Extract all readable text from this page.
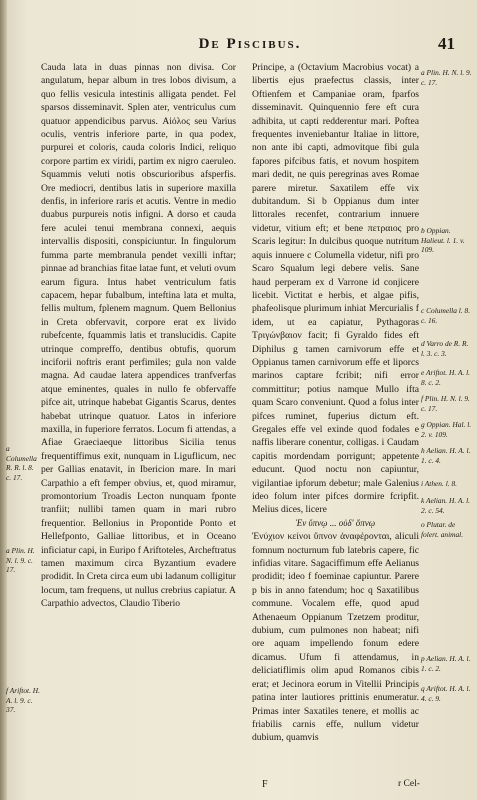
De Piscibus.	41
a Columella R. R. l. 8. c. 17.
a Plin. H. N. l. 9. c. 17.
f Ariftot. H. A. l. 9. c. 37.

Cauda lata in duas pinnas non divisa. Cor angulatum, hepar album in tres lobos divisum, a quo fellis vesicula intestinis alligata pendet. Fel sparsos disseminavit. Splen ater, ventriculus cum quatuor appendicibus parvus. Αἰόλος seu Varius oculis, ventris inferiore parte, in qua podex, purpurei et coloris, cauda coloris Indici, reliquo corpore partim ex viridi, partim ex nigro caeruleo. Squammis veluti notis obscurioribus afsperfis. Ore mediocri, dentibus latis in superiore maxilla denfis, in inferiore raris et acutis. Ventre in medio duabus purpureis notis infigni. A dorso et cauda fere aculei tenui membrana connexi, aequis intervallis dispositi, conspiciuntur. In fingulorum fumma parte membranula pendet vexilli inftar; pinnae ad branchias fitae latae funt, et veluti ovum earum figura. Intus habet ventriculum fatis capacem, hepar fubalbum, inteftina lata et multa, fellis multum, fplenem magnum. Quem Bellonius in Creta obfervavit, corpore erat ex livido rubefcente, fquammis latis et translucidis. Capite utrinque compreffo, dentibus obtufis, quorum inciforii noftris erant perfimiles; gula non valde magna. Ad caudae latera appendices tranfverfas atque eminentes, quales in nullo fe obfervaffe pifce ait, utrinque habebat Gigantis Scarus, dentes habebat utrinque quatuor. Latos in inferiore maxilla, in fuperiore ferratos. Locum fi attendas, a Afiae Graeciaeque littoribus Sicilia tenus frequentiffimus exit, nunquam in Liguflicum, nec per Gallias enatavit, in Ibericion mare. In mari Carpathio a eft femper obvius, et, quod miramur, promontorium Troadis Lecton nunquam fponte tranfiit; nullibi tamen quam in mari rubro frequentior. Bellonius in Propontide Ponto et Hellefponto, Galliae littoribus, et in Oceano inficiatur capi, in Euripo f Ariftoteles, Archeftratus tamen maximum circa Byzantium evadere prodidit. In Creta circa eum ubi ladanum colligitur locum, tam frequens, ut nullus crebrius capiatur. A Carpathio advectos, Claudio Tiberio

Principe, a (Octavium Macrobius vocat) a libertis ejus praefectus classis, inter Oftienfem et Campaniae oram, fparfos disseminavit. Quinquennio fere eft cura adhibita, ut capti redderentur mari. Poftea frequentes inveniebantur Italiae in littore, non ante ibi capti, admovitque fibi gula fapores pifcibus fatis, et novum hospitem mari dedit, ne quis peregrinas aves Romae parere miretur. Saxatilem effe vix dubitandum. Si b Oppianus dum inter littorales recenfet, contrarium innuere videtur, vitium eft; et bene πετραιος pro Scaris legitur: In dulcibus quoque nutritum aquis innuere c Columella videtur, nifi pro Scaro Squalum legi debere velis. Sane haud perperam ex d Varrone id conjicere licebit. Victitat e herbis, et algae pifis, phafeolisque plurimum inhiat Mercurialis f idem, ut ea capiatur, Pythagoras Τριγώνβαιον facit; fi Gyraldo fides eft Diphilus g tamen carnivorum effe et Oppianus tamen carnivorum effe et liporcs marinos captare fcribit; nifi error committitur; potius namque Mullo ifta quam Scaro conveniunt. Quod a folus inter pifces ruminet, fuperius dictum eft. Gregales effe vel exinde quod fodales e naffis liberare conentur, colligas. i Caudam capitis mordendam porrigunt; appetente educunt. Quod noctu non capiuntur, vigilantiae ipforum debetur; male Galenius ideo folum inter pifces dormire fcripfit. Melius dices, licere

Ἐν ὕπνῳ ... οὐδ' ὄπνῳ

Ἐνύχιον κείνοι ὕπνον ἀναφέρονται, aliculi fomnum nocturnum fub latebris capere, fic infidias vitare. Sagaciffimum effe Aelianus prodidit; ideo f foeminae capiuntur. Parere p bis in anno fatendum; hoc q Saxatilibus commune. Vocalem effe, quod apud Athenaeum Oppianum Tzetzem proditur, dubium, cum pulmones non habeat; nifi ore aquam impellendo fonum edere dicamus. Ufum fi attendamus, in deliciatiflimis olim apud Romanos cibis erat; et Jecinora eorum in Vitellii Principis patina inter lautiores prittinis enumeratur. Primas inter Saxatiles tenere, et mollis ac friabilis carnis effe, nullum videtur dubium, quamvis

a Plin. H. N. l. 9. c. 17.
b Oppian. Halieut. l. 1. v. 109.
c Columella l. 8. c. 16.
d Varro de R. R. l. 3. c. 3.
e Ariftot. H. A. l. 8. c. 2.
f Plin. H. N. l. 9. c. 17.
g Oppian. Hal. l. 2. v. 109.
h Aelian. H. A. l. 1. c. 4.
i Athen. l. 8.
k Aelian. H. A. l. 2. c. 54.
o Plutar. de folert. animal.
p Aelian. H. A. l. 1. c. 2.
q Ariftot. H. A. l. 4. c. 9.
F	r Cel-
